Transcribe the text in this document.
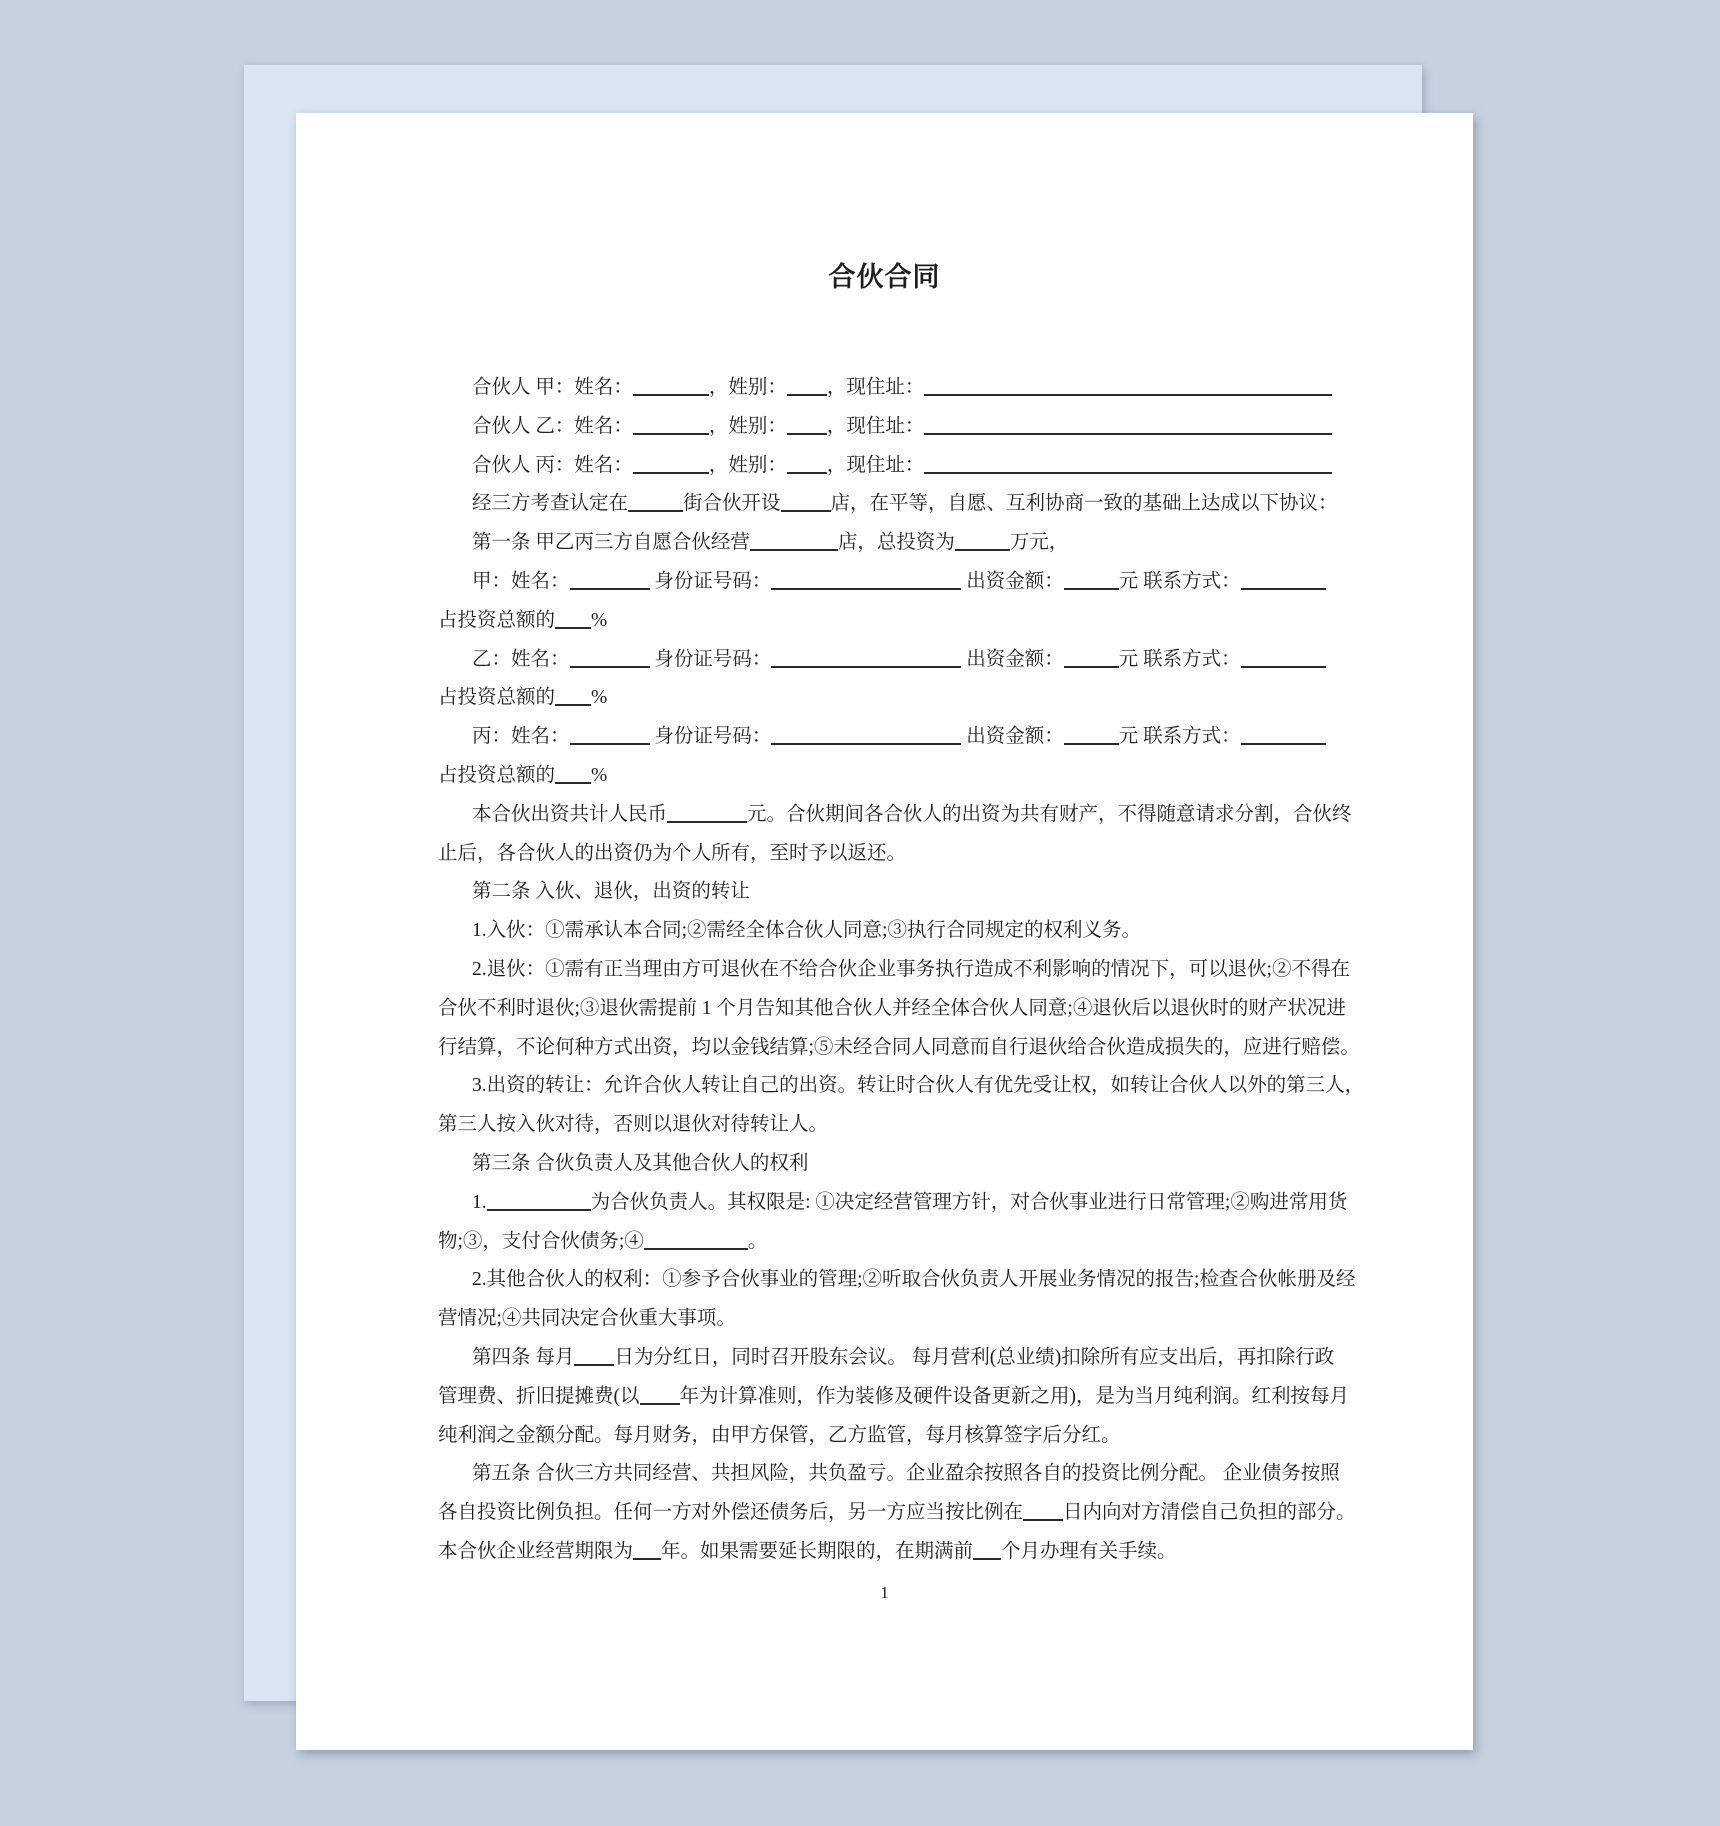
合伙合同
合伙人 甲：姓名：	，姓别： ，现住址：
合伙人 乙：姓名：	，姓别： ，现住址：
合伙人 丙：姓名：	，姓别： ，现住址：
经三方考查认定在	街合伙开设	店，在平等，自愿、互利协商一致的基础上达成以下协议：
第一条 甲乙丙三方自愿合伙经营	店，总投资为	万元，
甲：姓名：	身份证号码：	出资金额：	元 联系方式：
占投资总额的 %
乙：姓名：	身份证号码：	出资金额：	元 联系方式：
占投资总额的 %
丙：姓名：	身份证号码：	出资金额：	元 联系方式：
占投资总额的 %
本合伙出资共计人民币	元。合伙期间各合伙人的出资为共有财产，不得随意请求分割，合伙终
止后，各合伙人的出资仍为个人所有，至时予以返还。
第二条 入伙、退伙，出资的转让
1.入伙：①需承认本合同;②需经全体合伙人同意;③执行合同规定的权利义务。
2.退伙：①需有正当理由方可退伙在不给合伙企业事务执行造成不利影响的情况下，可以退伙;②不得在
合伙不利时退伙;③退伙需提前 1 个月告知其他合伙人并经全体合伙人同意;④退伙后以退伙时的财产状况进
行结算，不论何种方式出资，均以金钱结算;⑤未经合同人同意而自行退伙给合伙造成损失的，应进行赔偿。
3.出资的转让：允许合伙人转让自己的出资。转让时合伙人有优先受让权，如转让合伙人以外的第三人，
第三人按入伙对待，否则以退伙对待转让人。
第三条 合伙负责人及其他合伙人的权利
1.	为合伙负责人。其权限是: ①决定经营管理方针，对合伙事业进行日常管理;②购进常用货
物;③，支付合伙债务;④	。
2.其他合伙人的权利：①参予合伙事业的管理;②听取合伙负责人开展业务情况的报告;检查合伙帐册及经
营情况;④共同决定合伙重大事项。
第四条 每月 日为分红日，同时召开股东会议。 每月营利(总业绩)扣除所有应支出后，再扣除行政
管理费、折旧提摊费(以 年为计算准则，作为装修及硬件设备更新之用)，是为当月纯利润。红利按每月
纯利润之金额分配。每月财务，由甲方保管，乙方监管，每月核算签字后分红。
第五条 合伙三方共同经营、共担风险，共负盈亏。企业盈余按照各自的投资比例分配。 企业债务按照
各自投资比例负担。任何一方对外偿还债务后，另一方应当按比例在 日内向对方清偿自己负担的部分。
本合伙企业经营期限为 年。如果需要延长期限的，在期满前 个月办理有关手续。
1
